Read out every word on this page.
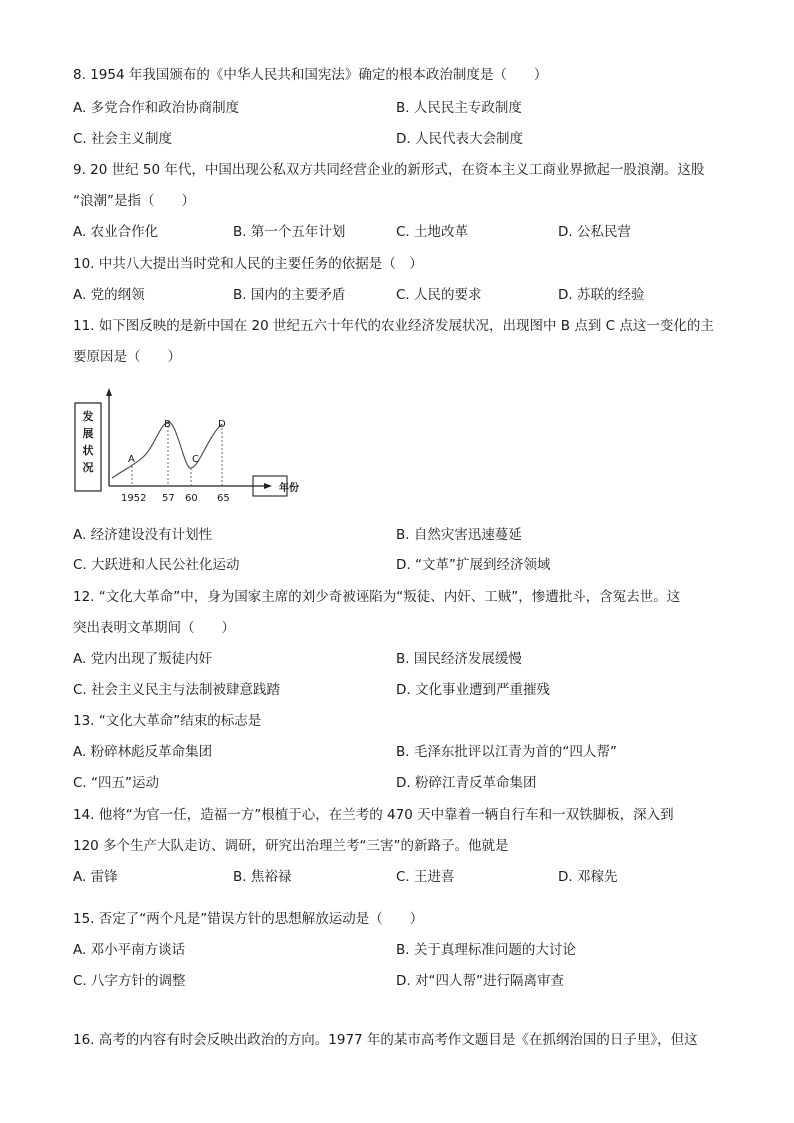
8. 1954 年我国颁布的《中华人民共和国宪法》确定的根本政治制度是（　　）
A. 多党合作和政治协商制度	B. 人民民主专政制度
C. 社会主义制度	D. 人民代表大会制度
9. 20 世纪 50 年代，中国出现公私双方共同经营企业的新形式，在资本主义工商业界掀起一股浪潮。这股
“浪潮”是指（　　）
A. 农业合作化	B. 第一个五年计划	C. 土地改革	D. 公私民营
10. 中共八大提出当时党和人民的主要任务的依据是（　）
A. 党的纲领	B. 国内的主要矛盾	C. 人民的要求	D. 苏联的经验
11. 如下图反映的是新中国在 20 世纪五六十年代的农业经济发展状况，出现图中 B 点到 C 点这一变化的主
要原因是（　　）
发
展
状
况
年份
1952 57 60 65
A
B
C
D
A. 经济建设没有计划性	B. 自然灾害迅速蔓延
C. 大跃进和人民公社化运动	D. “文革”扩展到经济领域
12. “文化大革命”中，身为国家主席的刘少奇被诬陷为“叛徒、内奸、工贼”，惨遭批斗，含冤去世。这
突出表明文革期间（　　）
A. 党内出现了叛徒内奸	B. 国民经济发展缓慢
C. 社会主义民主与法制被肆意践踏	D. 文化事业遭到严重摧残
13. “文化大革命”结束的标志是
A. 粉碎林彪反革命集团	B. 毛泽东批评以江青为首的“四人帮”
C. “四五”运动	D. 粉碎江青反革命集团
14. 他将“为官一任，造福一方”根植于心，在兰考的 470 天中靠着一辆自行车和一双铁脚板，深入到
120 多个生产大队走访、调研，研究出治理兰考“三害”的新路子。他就是
A. 雷锋	B. 焦裕禄	C. 王进喜	D. 邓稼先
15. 否定了“两个凡是”错误方针的思想解放运动是（　　）
A. 邓小平南方谈话	B. 关于真理标准问题的大讨论
C. 八字方针的调整	D. 对“四人帮”进行隔离审查
16. 高考的内容有时会反映出政治的方向。1977 年的某市高考作文题目是《在抓纲治国的日子里》，但这
